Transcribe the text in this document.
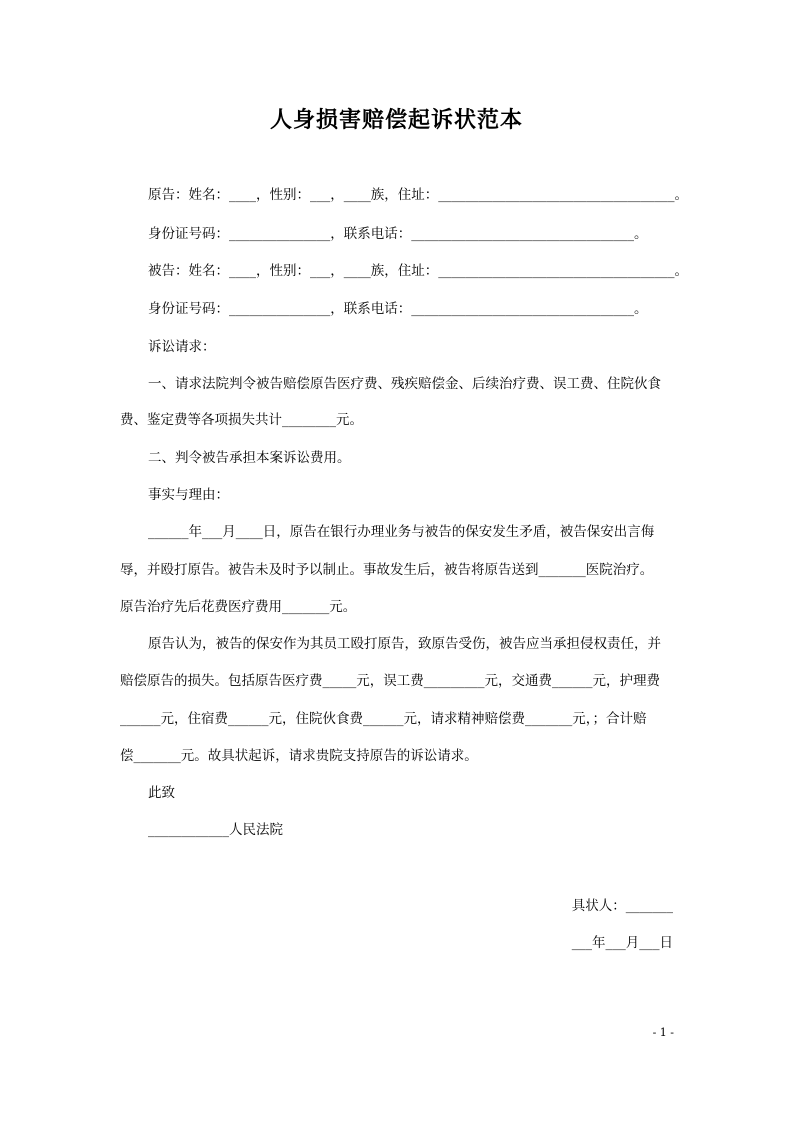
人身损害赔偿起诉状范本
原告：姓名：____，性别：___，____族，住址：___________________________________。
身份证号码：_______________，联系电话：_________________________________。
被告：姓名：____，性别：___，____族，住址：___________________________________。
身份证号码：_______________，联系电话：_________________________________。
诉讼请求：
一、请求法院判令被告赔偿原告医疗费、残疾赔偿金、后续治疗费、误工费、住院伙食
费、鉴定费等各项损失共计________元。
二、判令被告承担本案诉讼费用。
事实与理由：
______年___月____日，原告在银行办理业务与被告的保安发生矛盾，被告保安出言侮
辱，并殴打原告。被告未及时予以制止。事故发生后，被告将原告送到_______医院治疗。
原告治疗先后花费医疗费用_______元。
原告认为，被告的保安作为其员工殴打原告，致原告受伤，被告应当承担侵权责任，并
赔偿原告的损失。包括原告医疗费_____元，误工费_________元，交通费______元，护理费
______元，住宿费______元，住院伙食费______元，请求精神赔偿费_______元，；合计赔
偿_______元。故具状起诉，请求贵院支持原告的诉讼请求。
此致
____________人民法院
具状人：_______
___年___月___日
- 1 -
